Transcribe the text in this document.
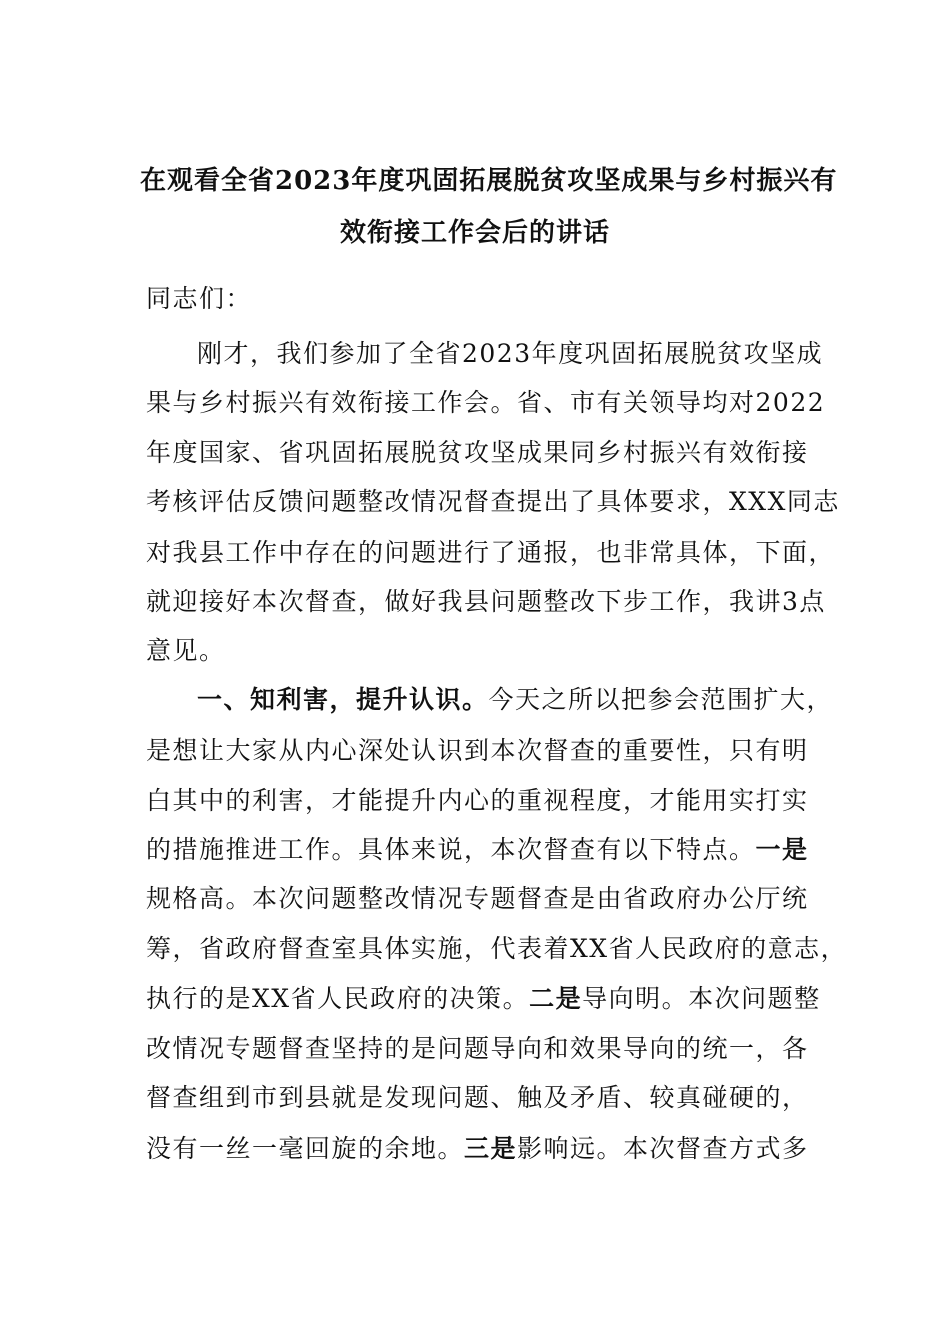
在观看全省2023年度巩固拓展脱贫攻坚成果与乡村振兴有
效衔接工作会后的讲话

同志们：

刚才，我们参加了全省2023年度巩固拓展脱贫攻坚成

果与乡村振兴有效衔接工作会。省、市有关领导均对2022

年度国家、省巩固拓展脱贫攻坚成果同乡村振兴有效衔接

考核评估反馈问题整改情况督查提出了具体要求，XXX同志

对我县工作中存在的问题进行了通报，也非常具体，下面，

就迎接好本次督查，做好我县问题整改下步工作，我讲3点

意见。

一、知利害，提升认识。今天之所以把参会范围扩大，

是想让大家从内心深处认识到本次督查的重要性，只有明

白其中的利害，才能提升内心的重视程度，才能用实打实

的措施推进工作。具体来说，本次督查有以下特点。一是

规格高。本次问题整改情况专题督查是由省政府办公厅统

筹，省政府督查室具体实施，代表着XX省人民政府的意志，

执行的是XX省人民政府的决策。二是导向明。本次问题整

改情况专题督查坚持的是问题导向和效果导向的统一，各

督查组到市到县就是发现问题、触及矛盾、较真碰硬的，

没有一丝一毫回旋的余地。三是影响远。本次督查方式多
